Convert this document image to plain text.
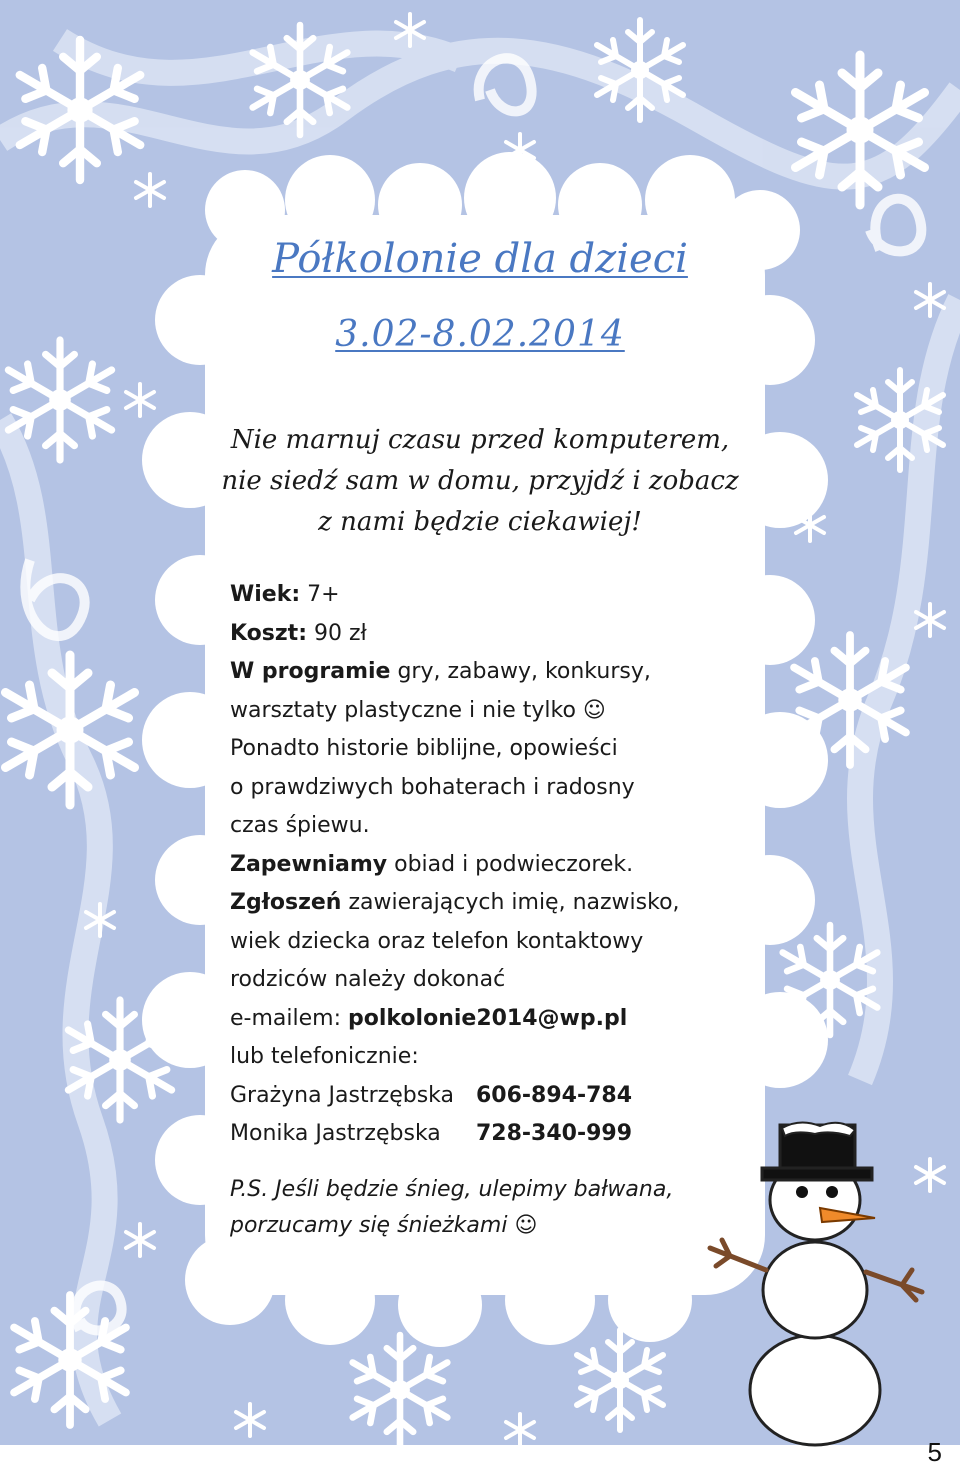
Półkolonie dla dzieci
3.02-8.02.2014
Nie marnuj czasu przed komputerem,
nie siedź sam w domu, przyjdź i zobacz
z nami będzie ciekawiej!
Wiek: 7+
Koszt: 90 zł
W programie gry, zabawy, konkursy,
warsztaty plastyczne i nie tylko ☺
Ponadto historie biblijne, opowieści
o prawdziwych bohaterach i radosny
czas śpiewu.
Zapewniamy obiad i podwieczorek.
Zgłoszeń zawierających imię, nazwisko,
wiek dziecka oraz telefon kontaktowy
rodziców należy dokonać
e-mailem: polkolonie2014@wp.pl
lub telefonicznie:
Grażyna Jastrzębska 606-894-784
Monika Jastrzębska 728-340-999
P.S. Jeśli będzie śnieg, ulepimy bałwana,
porzucamy się śnieżkami ☺
5
